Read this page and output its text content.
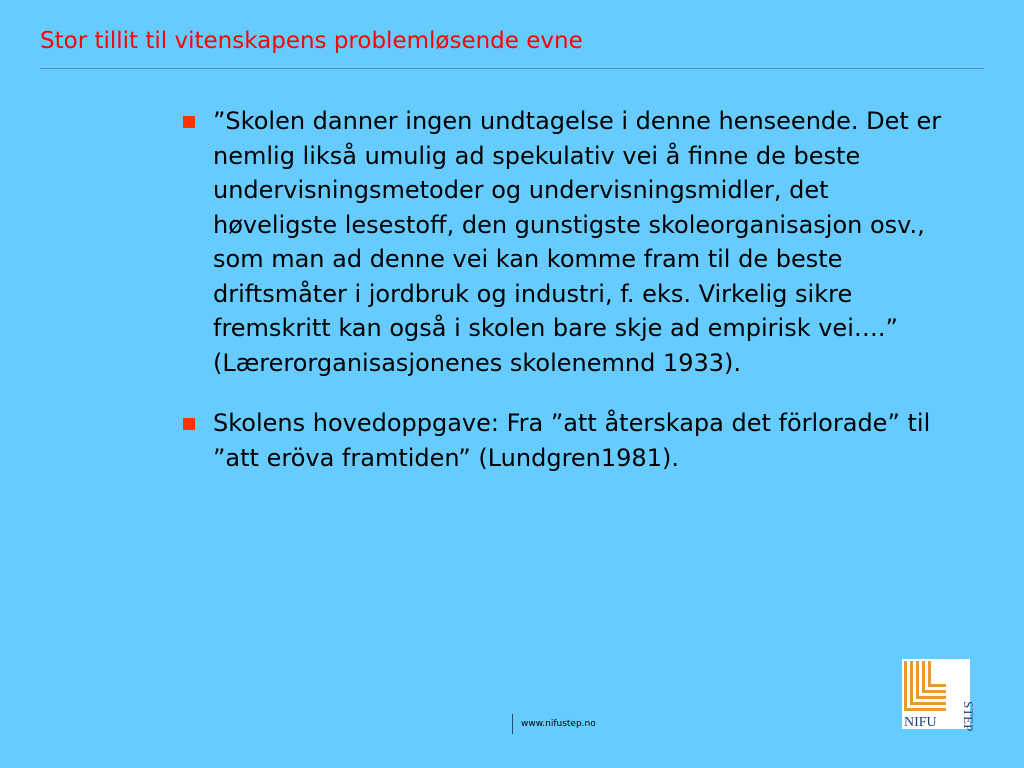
Stor tillit til vitenskapens problemløsende evne
”Skolen danner ingen undtagelse i denne henseende. Det er nemlig likså umulig ad spekulativ vei å finne de beste undervisningsmetoder og undervisningsmidler, det høveligste lesestoff, den gunstigste skoleorganisasjon osv., som man ad denne vei kan komme fram til de beste driftsmåter i jordbruk og industri, f. eks. Virkelig sikre fremskritt kan også i skolen bare skje ad empirisk vei….” (Lærerorganisasjonenes skolenemnd 1933).
Skolens hovedoppgave: Fra ”att återskapa det förlorade” til ”att eröva framtiden” (Lundgren1981).
www.nifustep.no	NIFU STEP
